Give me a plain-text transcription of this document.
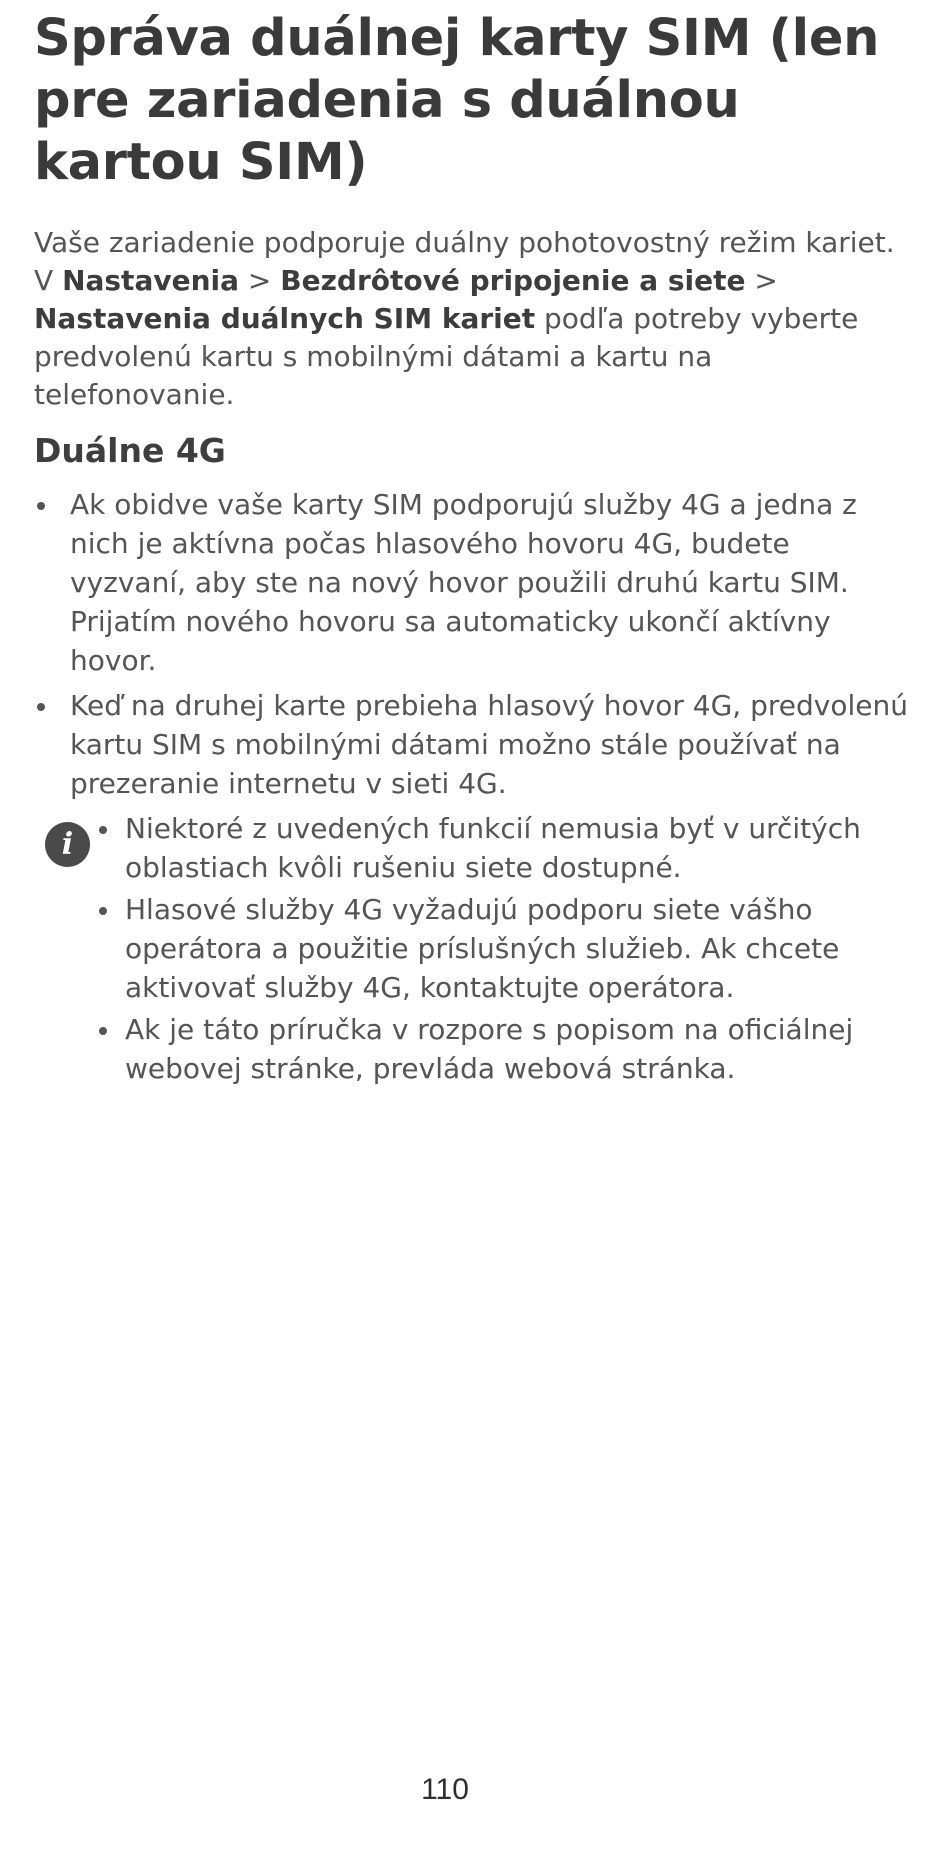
Správa duálnej karty SIM (len pre zariadenia s duálnou kartou SIM)

Vaše zariadenie podporuje duálny pohotovostný režim kariet.
V Nastavenia > Bezdrôtové pripojenie a siete >
Nastavenia duálnych SIM kariet podľa potreby vyberte predvolenú kartu s mobilnými dátami a kartu na telefonovanie.

Duálne 4G
Ak obidve vaše karty SIM podporujú služby 4G a jedna z nich je aktívna počas hlasového hovoru 4G, budete vyzvaní, aby ste na nový hovor použili druhú kartu SIM. Prijatím nového hovoru sa automaticky ukončí aktívny hovor.
Keď na druhej karte prebieha hlasový hovor 4G, predvolenú kartu SIM s mobilnými dátami možno stále používať na prezeranie internetu v sieti 4G.
i	Niektoré z uvedených funkcií nemusia byť v určitých oblastiach kvôli rušeniu siete dostupné.
Hlasové služby 4G vyžadujú podporu siete vášho operátora a použitie príslušných služieb. Ak chcete aktivovať služby 4G, kontaktujte operátora.
Ak je táto príručka v rozpore s popisom na oficiálnej webovej stránke, prevláda webová stránka.
110
